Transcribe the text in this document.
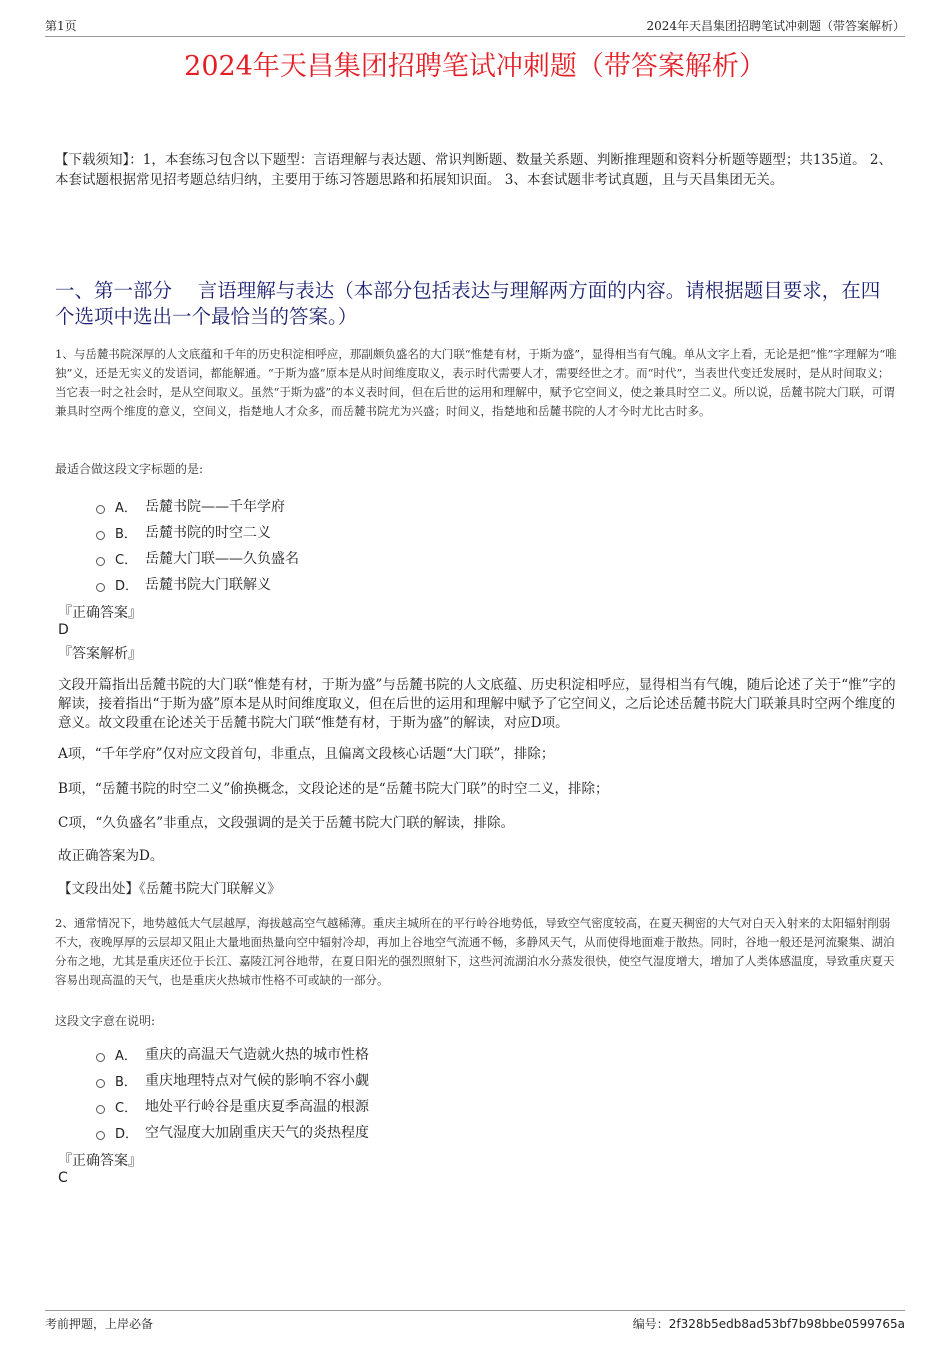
第1页	2024年天昌集团招聘笔试冲刺题（带答案解析）
2024年天昌集团招聘笔试冲刺题（带答案解析）
【下载须知】：1，本套练习包含以下题型：言语理解与表达题、常识判断题、数量关系题、判断推理题和资料分析题等题型；共135道。 2、本套试题根据常见招考题总结归纳，主要用于练习答题思路和拓展知识面。 3、本套试题非考试真题，且与天昌集团无关。
一、第一部分　 言语理解与表达（本部分包括表达与理解两方面的内容。请根据题目要求，在四个选项中选出一个最恰当的答案。）
1、与岳麓书院深厚的人文底蕴和千年的历史积淀相呼应，那副颇负盛名的大门联“惟楚有材，于斯为盛”，显得相当有气魄。单从文字上看，无论是把“惟”字理解为“唯独”义，还是无实义的发语词，都能解通。“于斯为盛”原本是从时间维度取义，表示时代需要人才，需要经世之才。而“时代”，当表世代变迁发展时，是从时间取义；当它表一时之社会时，是从空间取义。虽然“于斯为盛”的本义表时间，但在后世的运用和理解中，赋予它空间义，使之兼具时空二义。所以说，岳麓书院大门联，可谓兼具时空两个维度的意义，空间义，指楚地人才众多，而岳麓书院尤为兴盛；时间义，指楚地和岳麓书院的人才今时尤比古时多。
最适合做这段文字标题的是:
A． 岳麓书院——千年学府
B． 岳麓书院的时空二义
C． 岳麓大门联——久负盛名
D． 岳麓书院大门联解义
『正确答案』
D
『答案解析』
文段开篇指出岳麓书院的大门联“惟楚有材，于斯为盛”与岳麓书院的人文底蕴、历史积淀相呼应，显得相当有气魄，随后论述了关于“惟”字的解读，接着指出“于斯为盛”原本是从时间维度取义，但在后世的运用和理解中赋予了它空间义，之后论述岳麓书院大门联兼具时空两个维度的意义。故文段重在论述关于岳麓书院大门联“惟楚有材，于斯为盛”的解读，对应D项。
A项，“千年学府”仅对应文段首句，非重点，且偏离文段核心话题“大门联”，排除；
B项，“岳麓书院的时空二义”偷换概念，文段论述的是“岳麓书院大门联”的时空二义，排除；
C项，“久负盛名”非重点，文段强调的是关于岳麓书院大门联的解读，排除。
故正确答案为D。
【文段出处】《岳麓书院大门联解义》
2、通常情况下，地势越低大气层越厚，海拔越高空气越稀薄。重庆主城所在的平行岭谷地势低，导致空气密度较高，在夏天稠密的大气对白天入射来的太阳辐射削弱不大，夜晚厚厚的云层却又阻止大量地面热量向空中辐射冷却，再加上谷地空气流通不畅，多静风天气，从而使得地面难于散热。同时，谷地一般还是河流聚集、湖泊分布之地，尤其是重庆还位于长江、嘉陵江河谷地带，在夏日阳光的强烈照射下，这些河流湖泊水分蒸发很快，使空气湿度增大，增加了人类体感温度，导致重庆夏天容易出现高温的天气，也是重庆火热城市性格不可或缺的一部分。
这段文字意在说明:
A． 重庆的高温天气造就火热的城市性格
B． 重庆地理特点对气候的影响不容小觑
C． 地处平行岭谷是重庆夏季高温的根源
D． 空气湿度大加剧重庆天气的炎热程度
『正确答案』
C
考前押题，上岸必备	编号：2f328b5edb8ad53bf7b98bbe0599765a
